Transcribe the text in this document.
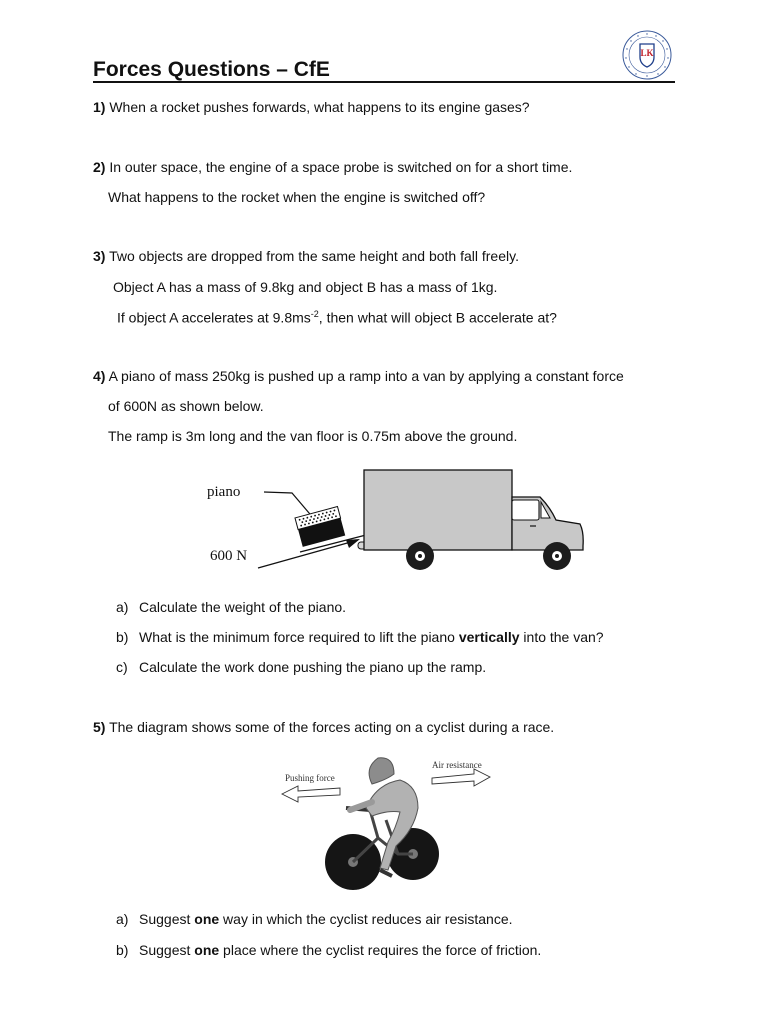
Forces Questions – CfE
LK
1) When a rocket pushes forwards, what happens to its engine gases?
2) In outer space, the engine of a space probe is switched on for a short time.
What happens to the rocket when the engine is switched off?
3) Two objects are dropped from the same height and both fall freely.
Object A has a mass of 9.8kg and object B has a mass of 1kg.
If object A accelerates at $9.8ms^{-2}$, then what will object B accelerate at?
4) A piano of mass 250kg is pushed up a ramp into a van by applying a constant force
of 600N as shown below.
The ramp is 3m long and the van floor is 0.75m above the ground.
piano
600 N
a) Calculate the weight of the piano.
b) What is the minimum force required to lift the piano vertically into the van?
c) Calculate the work done pushing the piano up the ramp.
5) The diagram shows some of the forces acting on a cyclist during a race.
Pushing force
Air resistance
a) Suggest one way in which the cyclist reduces air resistance.
b) Suggest one place where the cyclist requires the force of friction.
